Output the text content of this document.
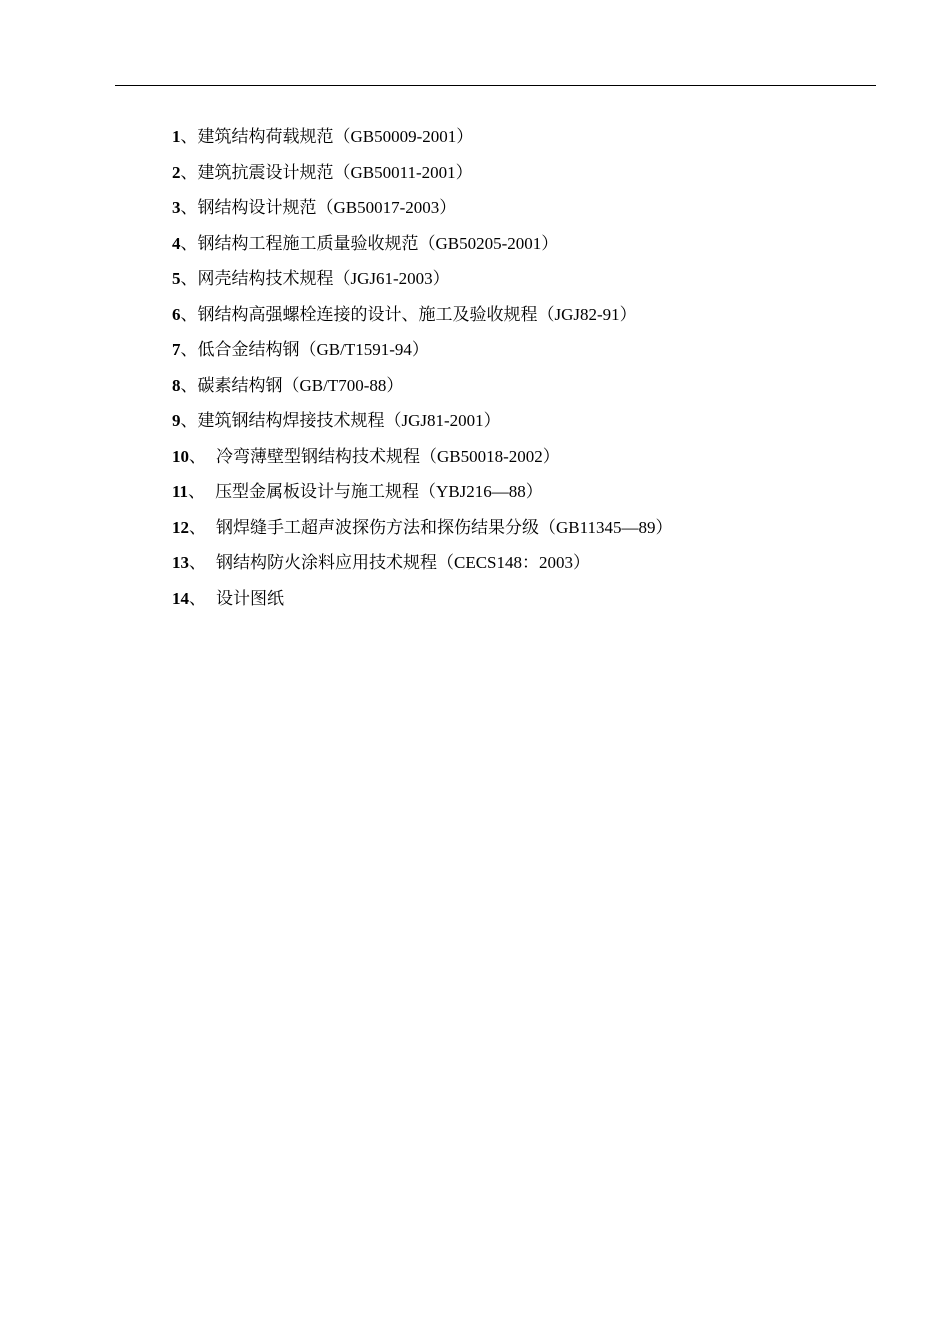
1 、 建筑结构荷载规范（GB50009-2001）
2 、 建筑抗震设计规范（GB50011-2001）
3 、 钢结构设计规范（GB50017-2003）
4 、 钢结构工程施工质量验收规范（GB50205-2001）
5 、 网壳结构技术规程（JGJ61-2003）
6 、 钢结构高强螺栓连接的设计、施工及验收规程（JGJ82-91）
7 、 低合金结构钢（GB/T1591-94）
8 、 碳素结构钢（GB/T700-88）
9 、 建筑钢结构焊接技术规程（JGJ81-2001）
10 、 冷弯薄壁型钢结构技术规程（GB50018-2002）
11 、 压型金属板设计与施工规程（YBJ216—88）
12 、 钢焊缝手工超声波探伤方法和探伤结果分级（GB11345—89）
13 、 钢结构防火涂料应用技术规程（CECS148：2003）
14 、 设计图纸
